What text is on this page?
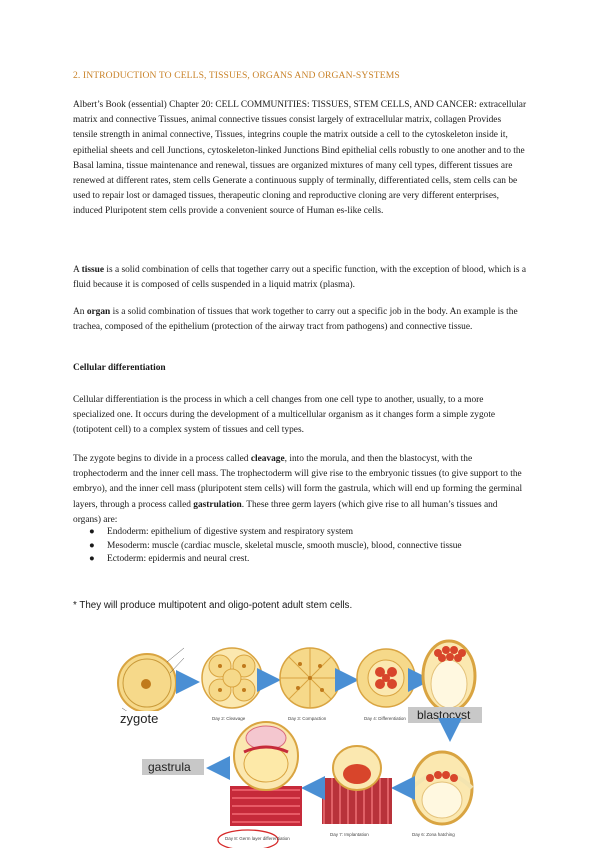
2. INTRODUCTION TO CELLS, TISSUES, ORGANS AND ORGAN-SYSTEMS
Albert’s Book (essential) Chapter 20: CELL COMMUNITIES: TISSUES, STEM CELLS, AND CANCER: extracellular matrix and connective Tissues, animal connective tissues consist largely of extracellular matrix, collagen Provides tensile strength in animal connective, Tissues, integrins couple the matrix outside a cell to the cytoskeleton inside it, epithelial sheets and cell Junctions, cytoskeleton-linked Junctions Bind epithelial cells robustly to one another and to the Basal lamina, tissue maintenance and renewal, tissues are organized mixtures of many cell types, different tissues are renewed at different rates, stem cells Generate a continuous supply of terminally, differentiated cells, stem cells can be used to repair lost or damaged tissues, therapeutic cloning and reproductive cloning are very different enterprises, induced Pluripotent stem cells provide a convenient source of Human es-like cells.
A tissue is a solid combination of cells that together carry out a specific function, with the exception of blood, which is a fluid because it is composed of cells suspended in a liquid matrix (plasma).
An organ is a solid combination of tissues that work together to carry out a specific job in the body. An example is the trachea, composed of the epithelium (protection of the airway tract from pathogens) and connective tissue.
Cellular differentiation
Cellular differentiation is the process in which a cell changes from one cell type to another, usually, to a more specialized one. It occurs during the development of a multicellular organism as it changes form a simple zygote (totipotent cell) to a complex system of tissues and cell types.
The zygote begins to divide in a process called cleavage, into the morula, and then the blastocyst, with the trophectoderm and the inner cell mass. The trophectoderm will give rise to the embryonic tissues (to give support to the embryo), and the inner cell mass (pluripotent stem cells) will form the gastrula, which will end up forming the germinal layers, through a process called gastrulation. These three germ layers (which give rise to all human’s tissues and organs) are:
● Endoderm: epithelium of digestive system and respiratory system
● Mesoderm: muscle (cardiac muscle, skeletal muscle, smooth muscle), blood, connective tissue
● Ectoderm: epidermis and neural crest.
* They will produce multipotent and oligo-potent adult stem cells.
zygote	Day 2: Cleavage	Day 3: Compaction	Day 4: Differentiation blastocyst
Day 6: Zona hatching
Day 7: Implantation
gastrula
Day 8: Germ layer differentiation
